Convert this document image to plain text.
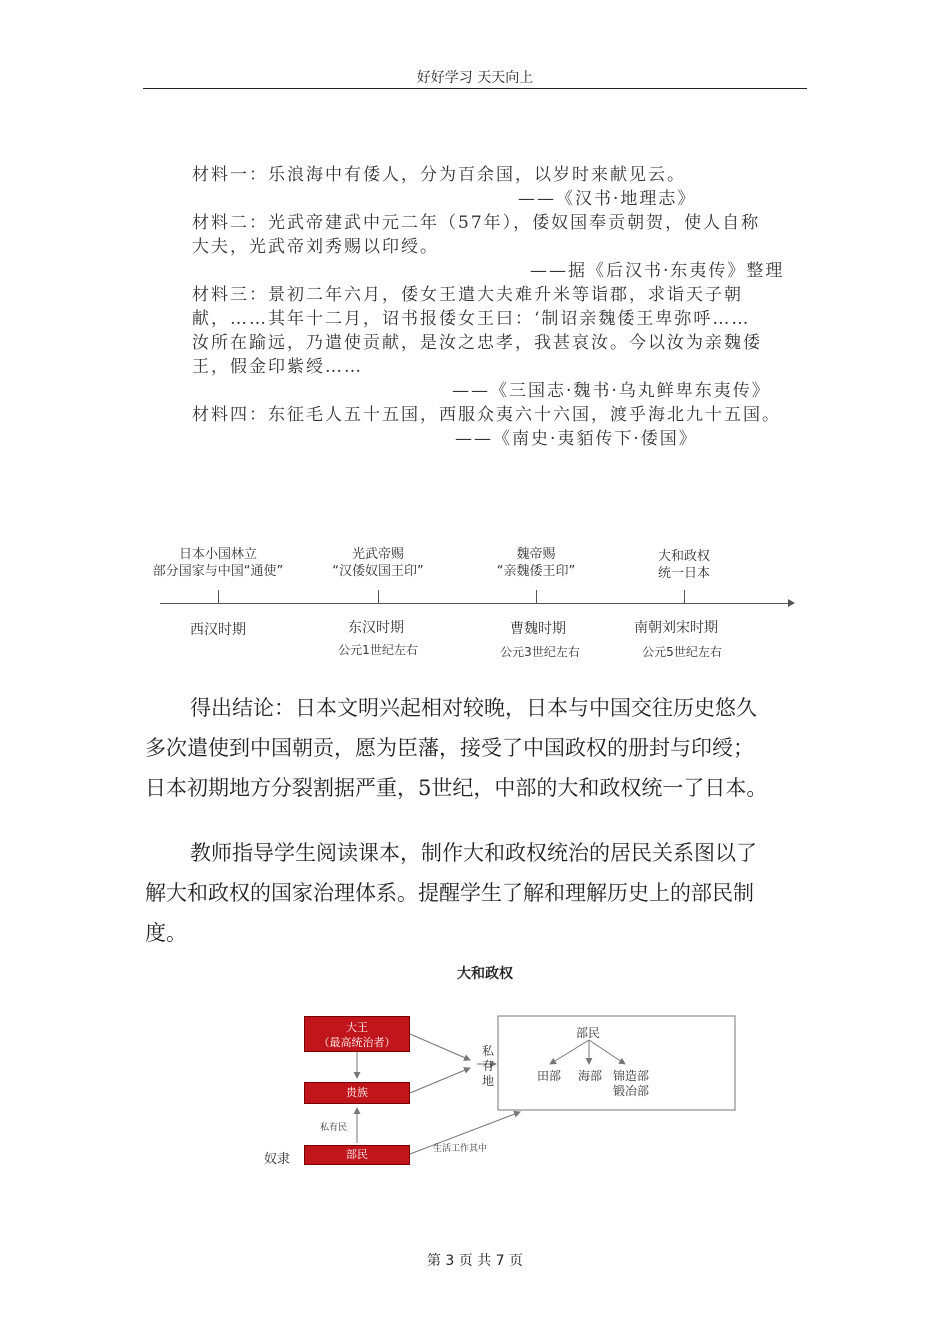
好好学习 天天向上
材料一：乐浪海中有倭人，分为百余国，以岁时来献见云。
——《汉书·地理志》
材料二：光武帝建武中元二年（57年），倭奴国奉贡朝贺，使人自称
大夫，光武帝刘秀赐以印绶。
——据《后汉书·东夷传》整理
材料三：景初二年六月，倭女王遣大夫难升米等诣郡，求诣天子朝
献，……其年十二月，诏书报倭女王曰：‘制诏亲魏倭王卑弥呼……
汝所在踰远，乃遣使贡献，是汝之忠孝，我甚哀汝。今以汝为亲魏倭
王，假金印紫绶……
——《三国志·魏书·乌丸鲜卑东夷传》
材料四：东征毛人五十五国，西服众夷六十六国，渡乎海北九十五国。
——《南史·夷貊传下·倭国》
日本小国林立
部分国家与中国“通使”
西汉时期
光武帝赐
“汉倭奴国王印”
东汉时期
公元1世纪左右
魏帝赐
“亲魏倭王印”
曹魏时期
公元3世纪左右
大和政权
统一日本
南朝刘宋时期
公元5世纪左右
得出结论：日本文明兴起相对较晚，日本与中国交往历史悠久
多次遣使到中国朝贡，愿为臣藩，接受了中国政权的册封与印绶；
日本初期地方分裂割据严重，5世纪，中部的大和政权统一了日本。
教师指导学生阅读课本，制作大和政权统治的居民关系图以了
解大和政权的国家治理体系。提醒学生了解和理解历史上的部民制
度。
大和政权
大王
（最高统治者）
贵族
部民
奴隶
私有民
私有地
生活工作其中
部民
田部 海部 锦造部
锻冶部
第 3 页 共 7 页
